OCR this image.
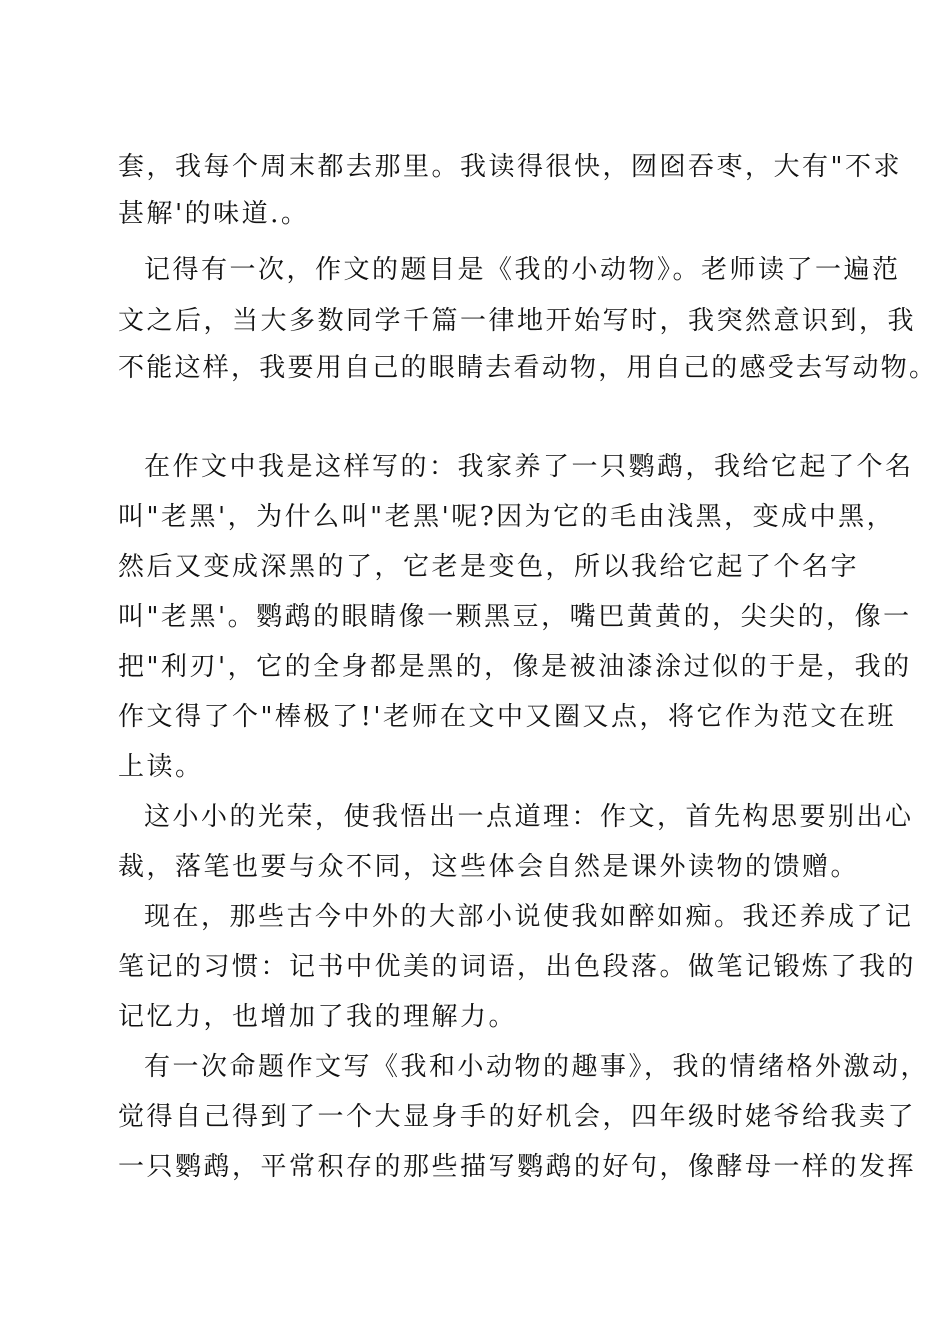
套，我每个周末都去那里。我读得很快，囫囵吞枣，大有"不求
甚解'的味道.。
记得有一次，作文的题目是《我的小动物》。老师读了一遍范
文之后，当大多数同学千篇一律地开始写时，我突然意识到，我
不能这样，我要用自己的眼睛去看动物，用自己的感受去写动物。
在作文中我是这样写的：我家养了一只鹦鹉，我给它起了个名
叫"老黑'，为什么叫"老黑'呢?因为它的毛由浅黑，变成中黑，
然后又变成深黑的了，它老是变色，所以我给它起了个名字
叫"老黑'。鹦鹉的眼睛像一颗黑豆，嘴巴黄黄的，尖尖的，像一
把"利刃'，它的全身都是黑的，像是被油漆涂过似的于是，我的
作文得了个"棒极了!'老师在文中又圈又点，将它作为范文在班
上读。
这小小的光荣，使我悟出一点道理：作文，首先构思要别出心
裁，落笔也要与众不同，这些体会自然是课外读物的馈赠。
现在，那些古今中外的大部小说使我如醉如痴。我还养成了记
笔记的习惯：记书中优美的词语，出色段落。做笔记锻炼了我的
记忆力，也增加了我的理解力。
有一次命题作文写《我和小动物的趣事》，我的情绪格外激动，
觉得自己得到了一个大显身手的好机会，四年级时姥爷给我卖了
一只鹦鹉，平常积存的那些描写鹦鹉的好句，像酵母一样的发挥
